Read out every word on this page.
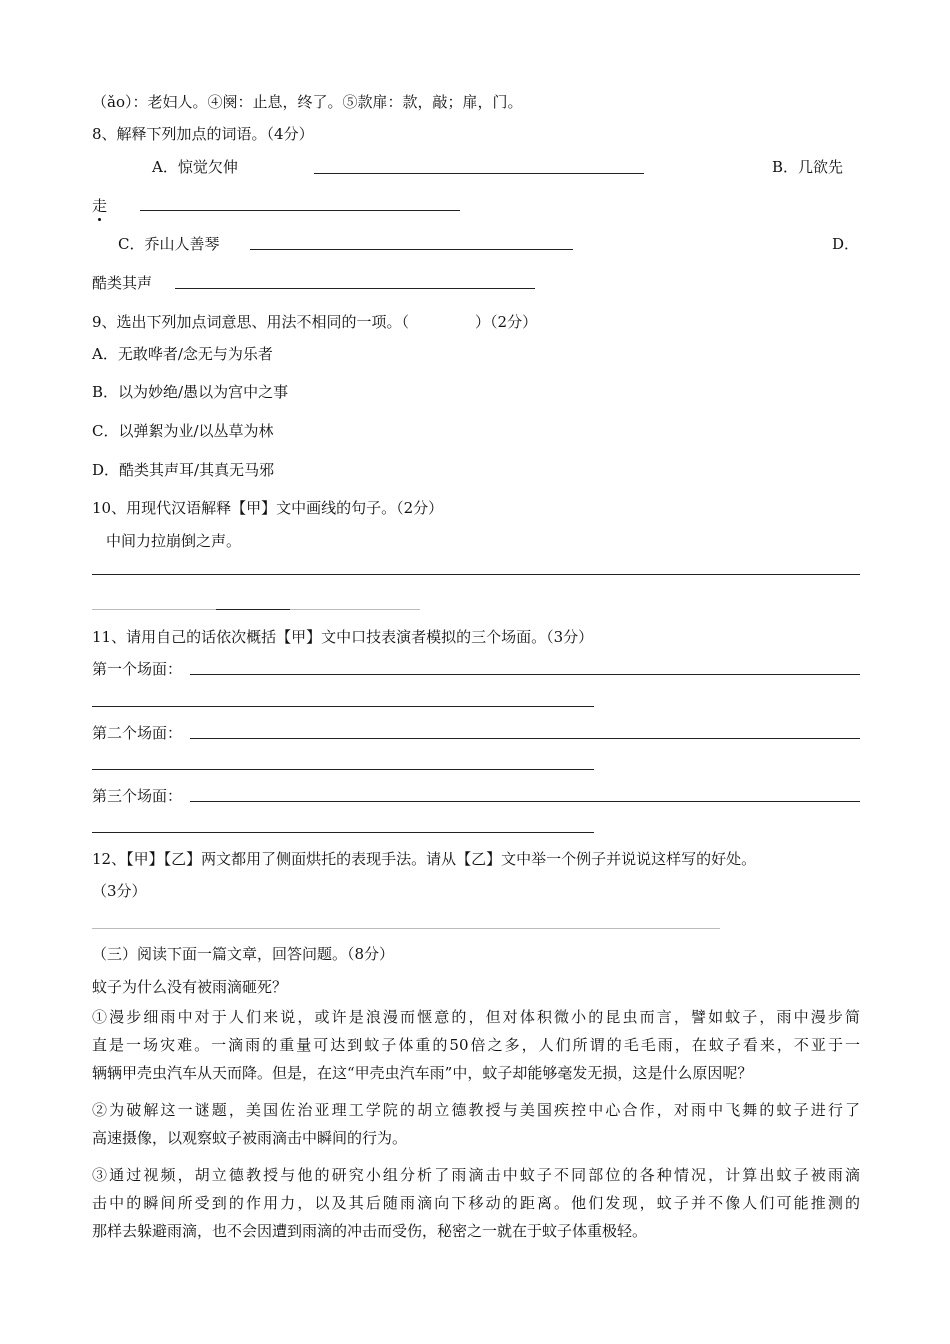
（ǎo）：老妇人。④阕：止息，终了。⑤款扉：款，敲；扉，门。
8、解释下列加点的词语。（4分）
A．惊觉欠伸	B．几欲先
走
C．乔山人善琴	D．
酷类其声
9、选出下列加点词意思、用法不相同的一项。（	）（2分）
A．无敢哗者/念无与为乐者
B．以为妙绝/愚以为宫中之事
C．以弹絮为业/以丛草为林
D．酷类其声耳/其真无马邪
10、用现代汉语解释【甲】文中画线的句子。（2分）
中间力拉崩倒之声。
11、请用自己的话依次概括【甲】文中口技表演者模拟的三个场面。（3分）
第一个场面：
第二个场面：
第三个场面：
12、【甲】【乙】两文都用了侧面烘托的表现手法。请从【乙】文中举一个例子并说说这样写的好处。
（3分）
（三）阅读下面一篇文章，回答问题。（8分）
蚊子为什么没有被雨滴砸死？
①漫步细雨中对于人们来说，或许是浪漫而惬意的，但对体积微小的昆虫而言，譬如蚊子，雨中漫步简
直是一场灾难。一滴雨的重量可达到蚊子体重的50倍之多，人们所谓的毛毛雨，在蚊子看来，不亚于一
辆辆甲壳虫汽车从天而降。但是，在这“甲壳虫汽车雨”中，蚊子却能够毫发无损，这是什么原因呢？
②为破解这一谜题，美国佐治亚理工学院的胡立德教授与美国疾控中心合作，对雨中飞舞的蚊子进行了
高速摄像，以观察蚊子被雨滴击中瞬间的行为。
③通过视频，胡立德教授与他的研究小组分析了雨滴击中蚊子不同部位的各种情况，计算出蚊子被雨滴
击中的瞬间所受到的作用力，以及其后随雨滴向下移动的距离。他们发现，蚊子并不像人们可能推测的
那样去躲避雨滴，也不会因遭到雨滴的冲击而受伤，秘密之一就在于蚊子体重极轻。
